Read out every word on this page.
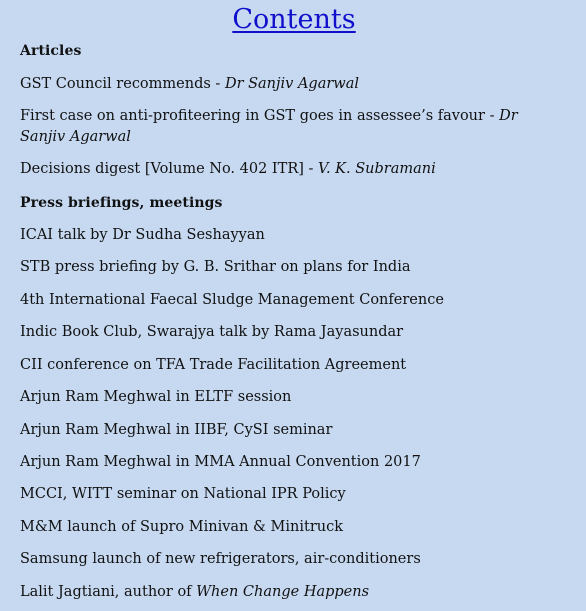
Contents

Articles

GST Council recommends - Dr Sanjiv Agarwal

First case on anti-profiteering in GST goes in assessee’s favour - Dr Sanjiv Agarwal

Decisions digest [Volume No. 402 ITR] - V. K. Subramani

Press briefings, meetings

ICAI talk by Dr Sudha Seshayyan

STB press briefing by G. B. Srithar on plans for India

4th International Faecal Sludge Management Conference

Indic Book Club, Swarajya talk by Rama Jayasundar

CII conference on TFA Trade Facilitation Agreement

Arjun Ram Meghwal in ELTF session

Arjun Ram Meghwal in IIBF, CySI seminar

Arjun Ram Meghwal in MMA Annual Convention 2017

MCCI, WITT seminar on National IPR Policy

M&M launch of Supro Minivan & Minitruck

Samsung launch of new refrigerators, air-conditioners

Lalit Jagtiani, author of When Change Happens
